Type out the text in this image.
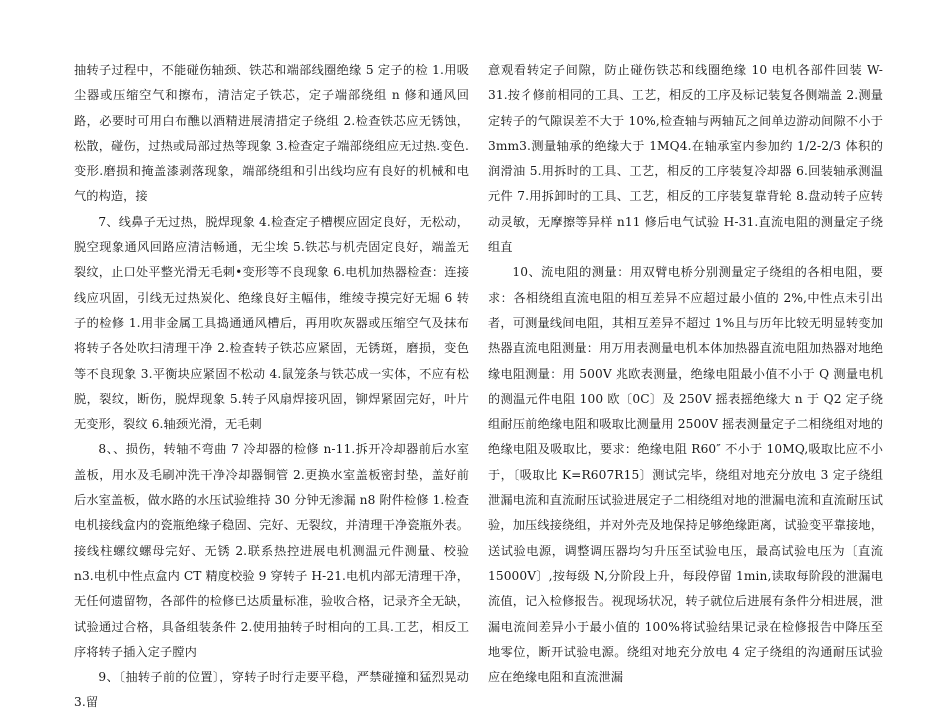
抽转子过程中，不能碰伤轴颈、铁芯和端部线圈绝缘 5 定子的检 1.用吸尘器或压缩空气和擦布，清洁定子铁芯，定子端部绕组 n 修和通风回路，必要时可用白布醮以酒精进展清措定子绕组 2.检查铁芯应无锈蚀，松散，碰伤，过热或局部过热等现象 3.检查定子端部绕组应无过热.变色.变形.磨损和掩盖漆剥落现象，端部绕组和引出线均应有良好的机械和电气的构造，接

7、线鼻子无过热，脱焊现象 4.检查定子槽楔应固定良好，无松动，脱空现象通风回路应清洁畅通，无尘埃 5.铁芯与机壳固定良好，端盖无裂纹，止口处平整光滑无毛刺•变形等不良现象 6.电机加热器检查：连接线应巩固，引线无过热炭化、绝缘良好主幅伟，维绫寺摸完好无堀 6 转子的检修 1.用非金属工具捣通通风槽后，再用吹灰器或压缩空气及抹布将转子各处吹扫清理干净 2.检查转子铁芯应紧固，无锈斑，磨损，变色等不良现象 3.平衡块应紧固不松动 4.鼠笼条与铁芯成一实体，不应有松脱，裂纹，断伤，脱焊现象 5.转子风扇焊接巩固，铆焊紧固完好，叶片无变形，裂纹 6.轴颈光滑，无毛刺

8、、损伤，转轴不弯曲 7 冷却器的检修 n-11.拆开冷却器前后水室盖板，用水及毛刷冲洗干净冷却器铜管 2.更换水室盖板密封垫，盖好前后水室盖板，做水路的水压试验维持 30 分钟无渗漏 n8 附件检修 1.检查电机接线盒内的瓷瓶绝缘子稳固、完好、无裂纹，并清理干净瓷瓶外表。接线柱螺纹螺母完好、无锈 2.联系热控进展电机测温元件测量、校验 n3.电机中性点盒内 CT 精度校验 9 穿转子 H-21.电机内部无清理干净，无任何遗留物，各部件的检修已达质量标准，验收合格，记录齐全无缺，试验通过合格，具备组装条件 2.使用抽转子时相向的工具.工艺，相反工序将转子插入定子膛内

9、〔抽转子前的位置〕，穿转子时行走要平稳，严禁碰撞和猛烈晃动 3.留

意观看转定子间隙，防止碰伤铁芯和线圈绝缘 10 电机各部件回装 W-31.按彳修前相同的工具、工艺，相反的工序及标记装复各侧端盖 2.测量定转子的气隙误差不大于 10%,检查轴与两轴瓦之间单边游动间隙不小于 3mm3.测量轴承的绝缘大于 1MQ4.在轴承室内参加约 1/2-2/3 体积的润滑油 5.用拆时的工具、工艺，相反的工序装复冷却器 6.回装轴承测温元件 7.用拆卸时的工具、工艺，相反的工序装复靠背轮 8.盘动转子应转动灵敏，无摩擦等异样 n11 修后电气试验 H-31.直流电阻的测量定子绕组直

10、流电阻的测量：用双臂电桥分别测量定子绕组的各相电阻，要求：各相绕组直流电阻的相互差异不应超过最小值的 2%,中性点未引出者，可测量线间电阻，其相互差异不超过 1%且与历年比较无明显转变加热器直流电阻测量：用万用表测量电机本体加热器直流电阻加热器对地绝缘电阻测量：用 500V 兆欧表测量，绝缘电阻最小值不小于 Q 测量电机的测温元件电阻 100 欧〔0C〕及 250V 摇表摇绝缘大 n 于 Q2 定子绕组耐压前绝缘电阻和吸取比测量用 2500V 摇表测量定子二相绕组对地的绝缘电阻及吸取比，要求：绝缘电阻 R60″ 不小于 10MQ,吸取比应不小于，〔吸取比 K=R607R15〕测试完毕，绕组对地充分放电 3 定子绕组泄漏电流和直流耐压试验进展定子二相绕组对地的泄漏电流和直流耐压试验，加压线接绕组，并对外壳及地保持足够绝缘距离，试验变平靠接地，送试验电源，调整调压器均匀升压至试验电压，最高试验电压为〔直流 15000V〕,按每级 N,分阶段上升，每段停留 1min,读取每阶段的泄漏电流值，记入检修报告。视现场状况，转子就位后进展有条件分相进展，泄漏电流间差异小于最小值的 100%将试验结果记录在检修报告中降压至地零位，断开试验电源。绕组对地充分放电 4 定子绕组的沟通耐压试验应在绝缘电阻和直流泄漏
